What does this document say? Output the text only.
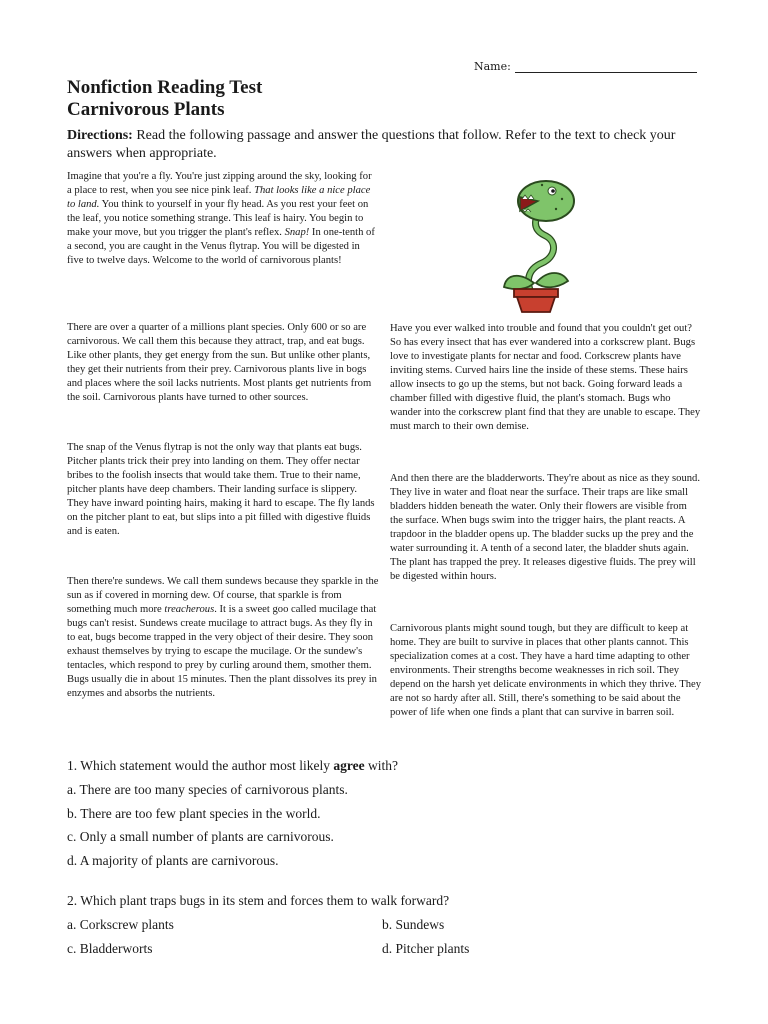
Name:
Nonfiction Reading Test
Carnivorous Plants
Directions: Read the following passage and answer the questions that follow. Refer to the text to check your answers when appropriate.

Imagine that you're a fly. You're just zipping around the sky, looking for a place to rest, when you see nice pink leaf. That looks like a nice place to land. You think to yourself in your fly head. As you rest your feet on the leaf, you notice something strange. This leaf is hairy. You begin to make your move, but you trigger the plant's reflex. Snap! In one-tenth of a second, you are caught in the Venus flytrap. You will be digested in five to twelve days. Welcome to the world of carnivorous plants!

There are over a quarter of a millions plant species. Only 600 or so are carnivorous. We call them this because they attract, trap, and eat bugs. Like other plants, they get energy from the sun. But unlike other plants, they get their nutrients from their prey. Carnivorous plants live in bogs and places where the soil lacks nutrients. Most plants get nutrients from the soil. Carnivorous plants have turned to other sources.

The snap of the Venus flytrap is not the only way that plants eat bugs. Pitcher plants trick their prey into landing on them. They offer nectar bribes to the foolish insects that would take them. True to their name, pitcher plants have deep chambers. Their landing surface is slippery. They have inward pointing hairs, making it hard to escape. The fly lands on the pitcher plant to eat, but slips into a pit filled with digestive fluids and is eaten.

Then there're sundews. We call them sundews because they sparkle in the sun as if covered in morning dew. Of course, that sparkle is from something much more treacherous. It is a sweet goo called mucilage that bugs can't resist. Sundews create mucilage to attract bugs. As they fly in to eat, bugs become trapped in the very object of their desire. They soon exhaust themselves by trying to escape the mucilage. Or the sundew's tentacles, which respond to prey by curling around them, smother them. Bugs usually die in about 15 minutes. Then the plant dissolves its prey in enzymes and absorbs the nutrients.

Have you ever walked into trouble and found that you couldn't get out? So has every insect that has ever wandered into a corkscrew plant. Bugs love to investigate plants for nectar and food. Corkscrew plants have inviting stems. Curved hairs line the inside of these stems. These hairs allow insects to go up the stems, but not back. Going forward leads a chamber filled with digestive fluid, the plant's stomach. Bugs who wander into the corkscrew plant find that they are unable to escape. They must march to their own demise.

And then there are the bladderworts. They're about as nice as they sound. They live in water and float near the surface. Their traps are like small bladders hidden beneath the water. Only their flowers are visible from the surface. When bugs swim into the trigger hairs, the plant reacts. A trapdoor in the bladder opens up. The bladder sucks up the prey and the water surrounding it. A tenth of a second later, the bladder shuts again. The plant has trapped the prey. It releases digestive fluids. The prey will be digested within hours.

Carnivorous plants might sound tough, but they are difficult to keep at home. They are built to survive in places that other plants cannot. This specialization comes at a cost. They have a hard time adapting to other environments. Their strengths become weaknesses in rich soil. They depend on the harsh yet delicate environments in which they thrive. They are not so hardy after all. Still, there's something to be said about the power of life when one finds a plant that can survive in barren soil.

1. Which statement would the author most likely agree with?
a. There are too many species of carnivorous plants.
b. There are too few plant species in the world.
c. Only a small number of plants are carnivorous.
d. A majority of plants are carnivorous.
2. Which plant traps bugs in its stem and forces them to walk forward?
a. Corkscrew plants	b. Sundews
c. Bladderworts	d. Pitcher plants
